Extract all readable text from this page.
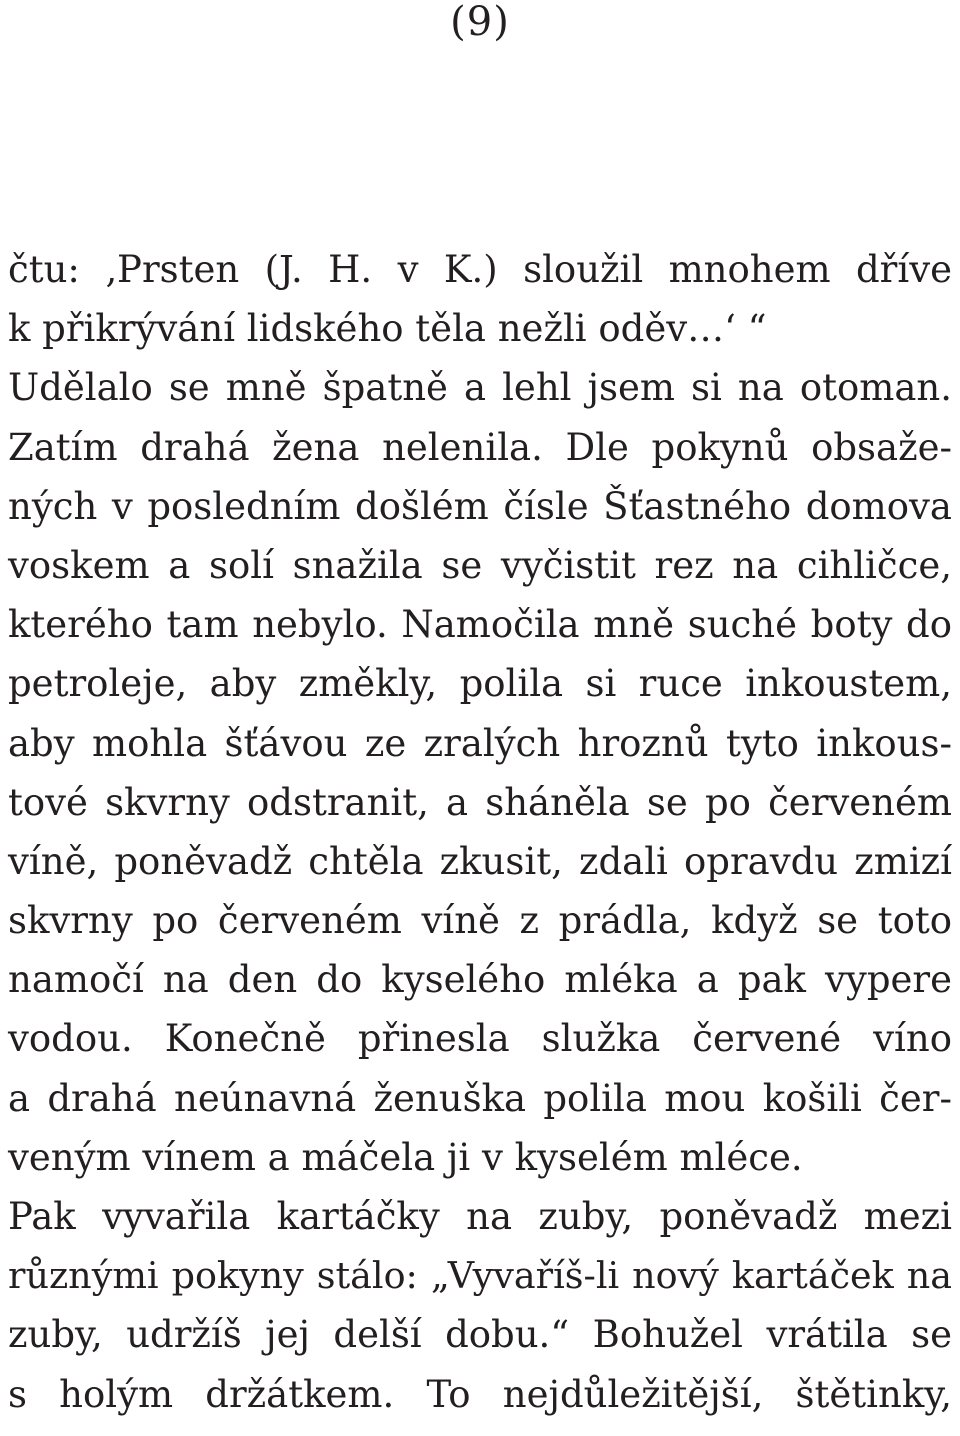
(9)
čtu: ‚Prsten (J. H. v K.) sloužil mnohem dříve
k přikrývání lidského těla nežli oděv…‘ “
Udělalo se mně špatně a lehl jsem si na otoman.
Zatím drahá žena nelenila. Dle pokynů obsaže-
ných v posledním došlém čísle Šťastného domova
voskem a solí snažila se vyčistit rez na cihličce,
kterého tam nebylo. Namočila mně suché boty do
petroleje, aby změkly, polila si ruce inkoustem,
aby mohla šťávou ze zralých hroznů tyto inkous-
tové skvrny odstranit, a sháněla se po červeném
víně, poněvadž chtěla zkusit, zdali opravdu zmizí
skvrny po červeném víně z prádla, když se toto
namočí na den do kyselého mléka a pak vypere
vodou. Konečně přinesla služka červené víno
a drahá neúnavná ženuška polila mou košili čer-
veným vínem a máčela ji v kyselém mléce.
Pak vyvařila kartáčky na zuby, poněvadž mezi
různými pokyny stálo: „Vyvaříš-li nový kartáček na
zuby, udržíš jej delší dobu.“ Bohužel vrátila se
s holým držátkem. To nejdůležitější, štětinky,
